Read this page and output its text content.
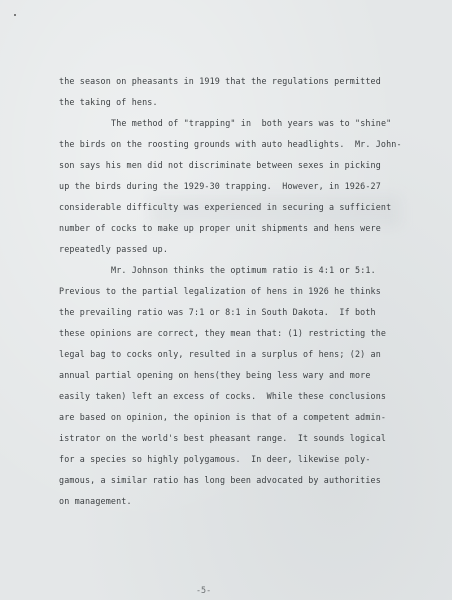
the season on pheasants in 1919 that the regulations permitted

the taking of hens.

The method of "trapping" in  both years was to "shine"

the birds on the roosting grounds with auto headlights.  Mr. John-

son says his men did not discriminate between sexes in picking

up the birds during the 1929-30 trapping.  However, in 1926-27

considerable difficulty was experienced in securing a sufficient

number of cocks to make up proper unit shipments and hens were

repeatedly passed up.

Mr. Johnson thinks the optimum ratio is 4:1 or 5:1.

Previous to the partial legalization of hens in 1926 he thinks

the prevailing ratio was 7:1 or 8:1 in South Dakota.  If both

these opinions are correct, they mean that: (1) restricting the

legal bag to cocks only, resulted in a surplus of hens; (2) an

annual partial opening on hens(they being less wary and more

easily taken) left an excess of cocks.  While these conclusions

are based on opinion, the opinion is that of a competent admin-

istrator on the world's best pheasant range.  It sounds logical

for a species so highly polygamous.  In deer, likewise poly-

gamous, a similar ratio has long been advocated by authorities

on management.

-5-
